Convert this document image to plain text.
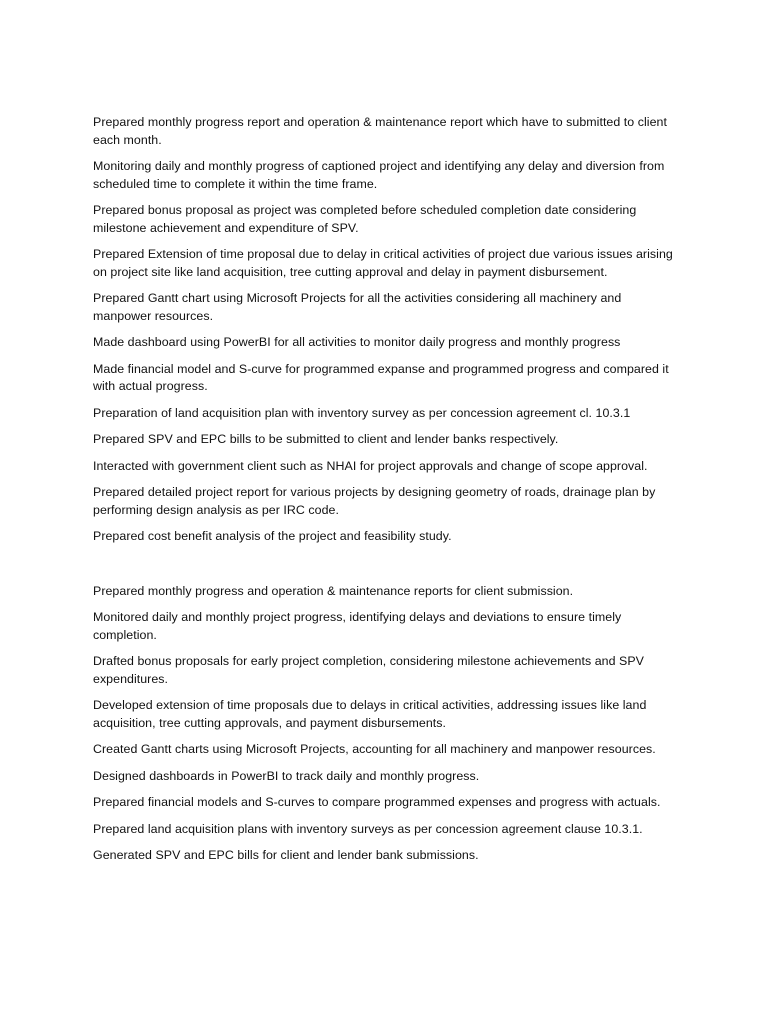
Prepared monthly progress report and operation & maintenance report which have to submitted to client each month.

Monitoring daily and monthly progress of captioned project and identifying any delay and diversion from scheduled time to complete it within the time frame.

Prepared bonus proposal as project was completed before scheduled completion date considering milestone achievement and expenditure of SPV.

Prepared Extension of time proposal due to delay in critical activities of project due various issues arising on project site like land acquisition, tree cutting approval and delay in payment disbursement.

Prepared Gantt chart using Microsoft Projects for all the activities considering all machinery and manpower resources.

Made dashboard using PowerBI for all activities to monitor daily progress and monthly progress

Made financial model and S-curve for programmed expanse and programmed progress and compared it with actual progress.

Preparation of land acquisition plan with inventory survey as per concession agreement cl. 10.3.1

Prepared SPV and EPC bills to be submitted to client and lender banks respectively.

Interacted with government client such as NHAI for project approvals and change of scope approval.

Prepared detailed project report for various projects by designing geometry of roads, drainage plan by performing design analysis as per IRC code.

Prepared cost benefit analysis of the project and feasibility study.

Prepared monthly progress and operation & maintenance reports for client submission.

Monitored daily and monthly project progress, identifying delays and deviations to ensure timely completion.

Drafted bonus proposals for early project completion, considering milestone achievements and SPV expenditures.

Developed extension of time proposals due to delays in critical activities, addressing issues like land acquisition, tree cutting approvals, and payment disbursements.

Created Gantt charts using Microsoft Projects, accounting for all machinery and manpower resources.

Designed dashboards in PowerBI to track daily and monthly progress.

Prepared financial models and S-curves to compare programmed expenses and progress with actuals.

Prepared land acquisition plans with inventory surveys as per concession agreement clause 10.3.1.

Generated SPV and EPC bills for client and lender bank submissions.
